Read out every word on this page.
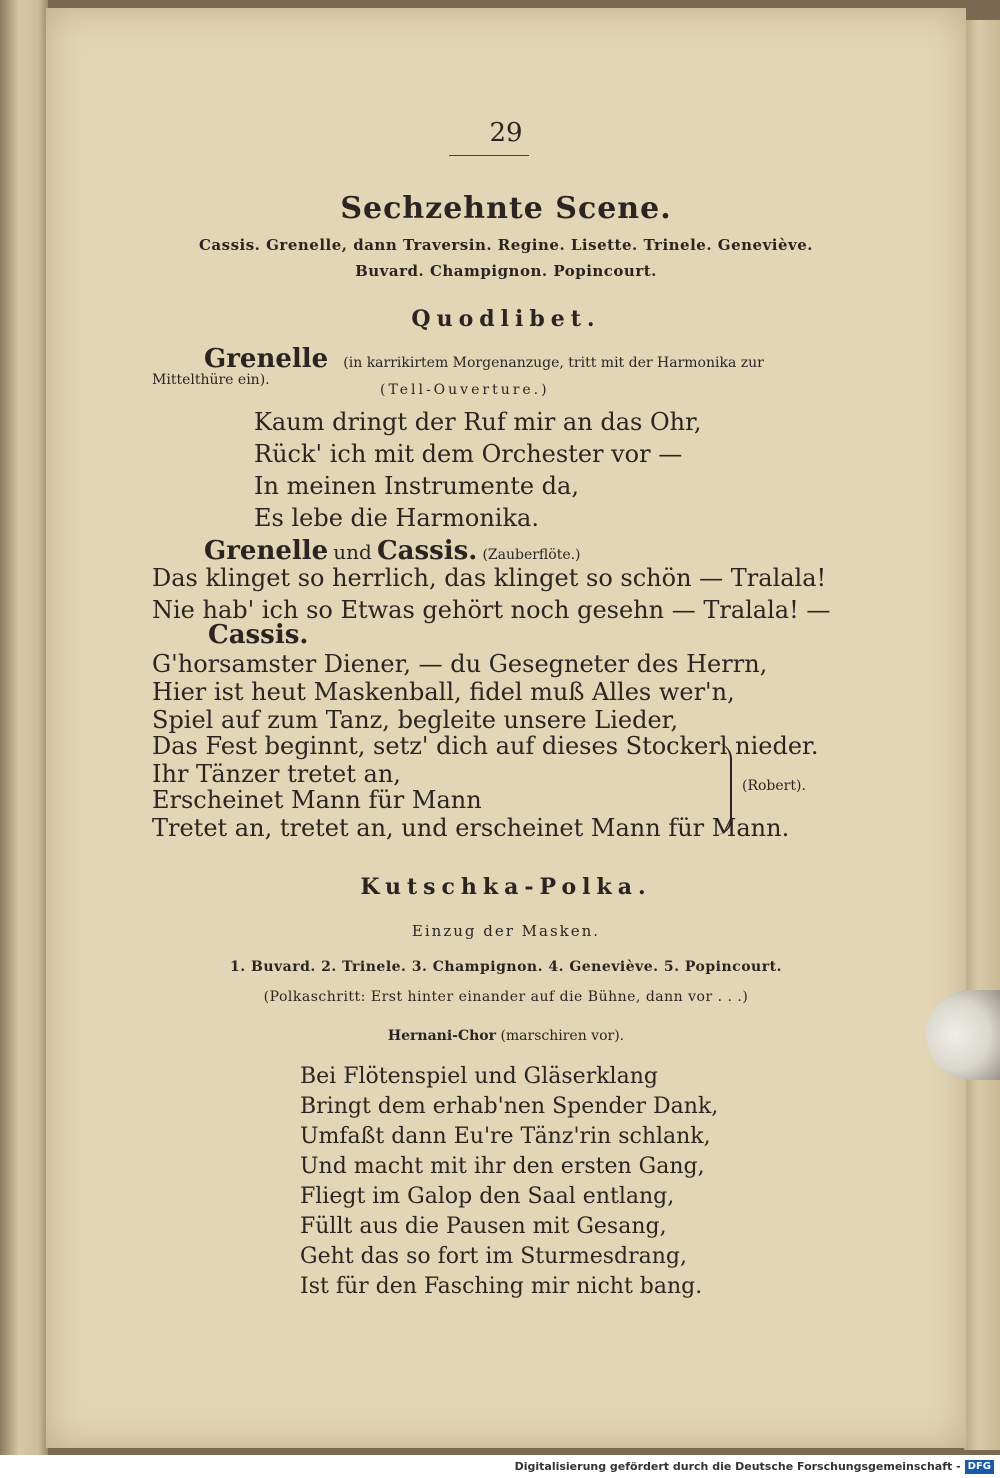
29
Sechzehnte Scene.
Cassis. Grenelle, dann Traversin. Regine. Lisette. Trinele. Geneviève.
Buvard. Champignon. Popincourt.
Quodlibet.
Grenelle (in karrikirtem Morgenanzuge, tritt mit der Harmonika zur
Mittelthüre ein).
(Tell-Ouverture.)
Kaum dringt der Ruf mir an das Ohr,
Rück' ich mit dem Orchester vor —
In meinen Instrumente da,
Es lebe die Harmonika.
Grenelle und Cassis. (Zauberflöte.)
Das klinget so herrlich, das klinget so schön — Tralala!
Nie hab' ich so Etwas gehört noch gesehn — Tralala! —
Cassis.
G'horsamster Diener, — du Gesegneter des Herrn,
Hier ist heut Maskenball, fidel muß Alles wer'n,
Spiel auf zum Tanz, begleite unsere Lieder,
Das Fest beginnt, setz' dich auf dieses Stockerl nieder.
Ihr Tänzer tretet an,
Erscheinet Mann für Mann
Tretet an, tretet an, und erscheinet Mann für Mann.
(Robert).
Kutschka-Polka.
Einzug der Masken.
1. Buvard. 2. Trinele. 3. Champignon. 4. Geneviève. 5. Popincourt.
(Polkaschritt: Erst hinter einander auf die Bühne, dann vor . . .)
Hernani-Chor (marschiren vor).
Bei Flötenspiel und Gläserklang
Bringt dem erhab'nen Spender Dank,
Umfaßt dann Eu're Tänz'rin schlank,
Und macht mit ihr den ersten Gang,
Fliegt im Galop den Saal entlang,
Füllt aus die Pausen mit Gesang,
Geht das so fort im Sturmesdrang,
Ist für den Fasching mir nicht bang.
Digitalisierung gefördert durch die Deutsche Forschungsgemeinschaft - DFG
